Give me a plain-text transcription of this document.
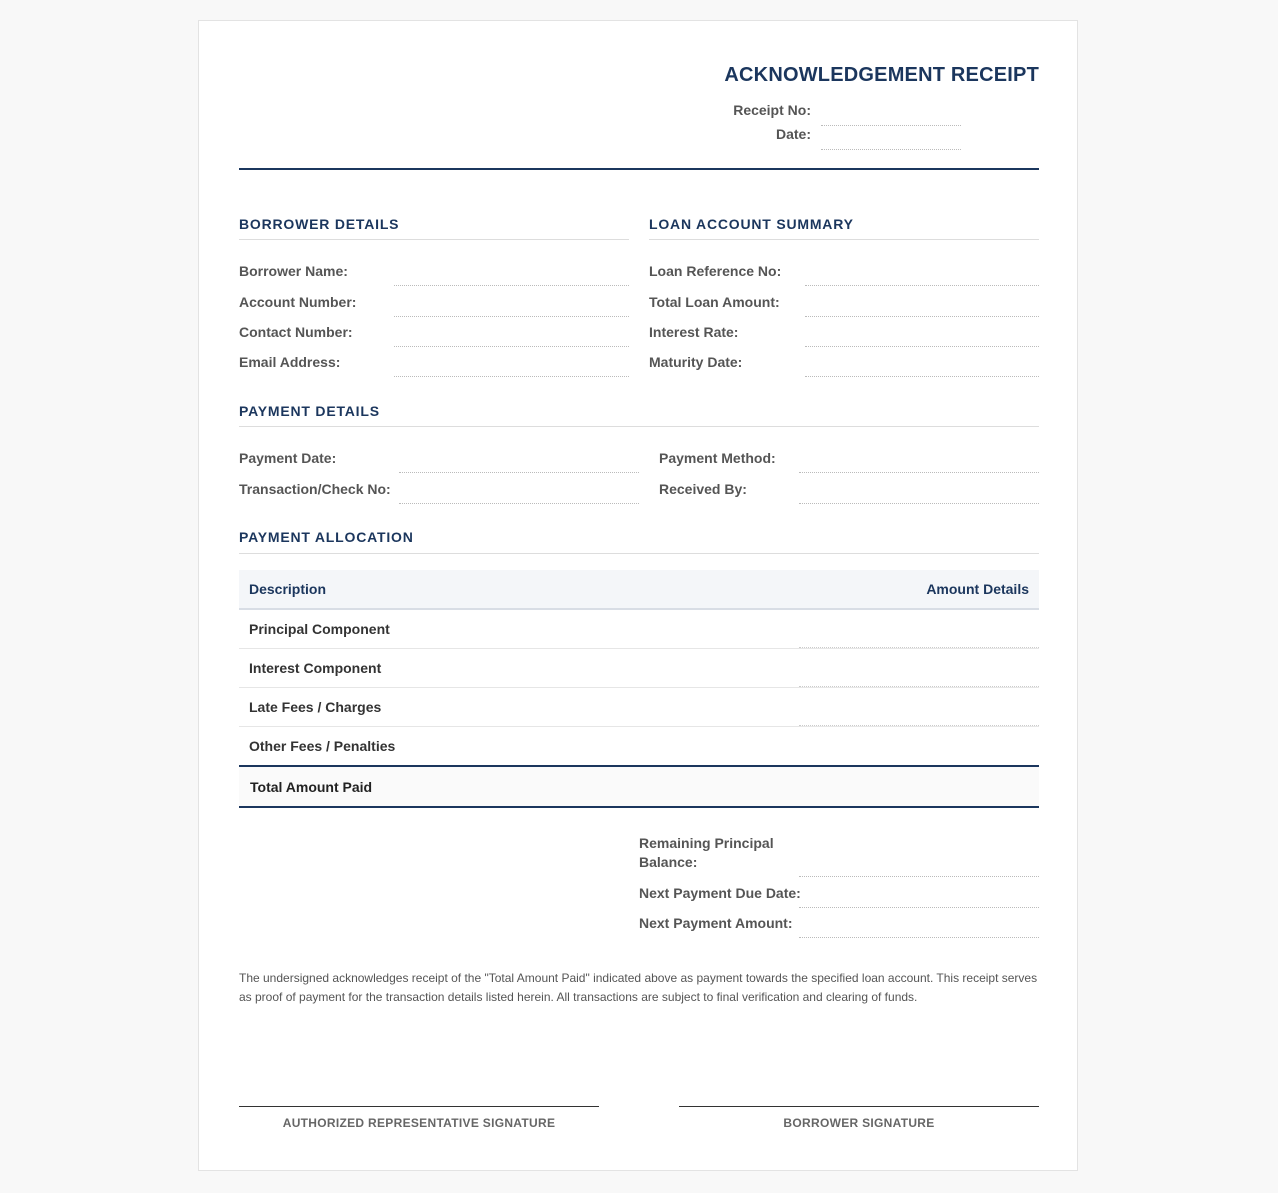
ACKNOWLEDGEMENT RECEIPT
Receipt No:
Date:
BORROWER DETAILS
Borrower Name:
Account Number:
Contact Number:
Email Address:
LOAN ACCOUNT SUMMARY
Loan Reference No:
Total Loan Amount:
Interest Rate:
Maturity Date:
PAYMENT DETAILS
Payment Date:	Payment Method:
Transaction/Check No:	Received By:
PAYMENT ALLOCATION
Description	Amount Details
Principal Component
Interest Component
Late Fees / Charges
Other Fees / Penalties
Total Amount Paid
Remaining Principal Balance:
Next Payment Due Date:
Next Payment Amount:
The undersigned acknowledges receipt of the "Total Amount Paid" indicated above as payment towards the specified loan account. This receipt serves as proof of payment for the transaction details listed herein. All transactions are subject to final verification and clearing of funds.
AUTHORIZED REPRESENTATIVE SIGNATURE	BORROWER SIGNATURE
